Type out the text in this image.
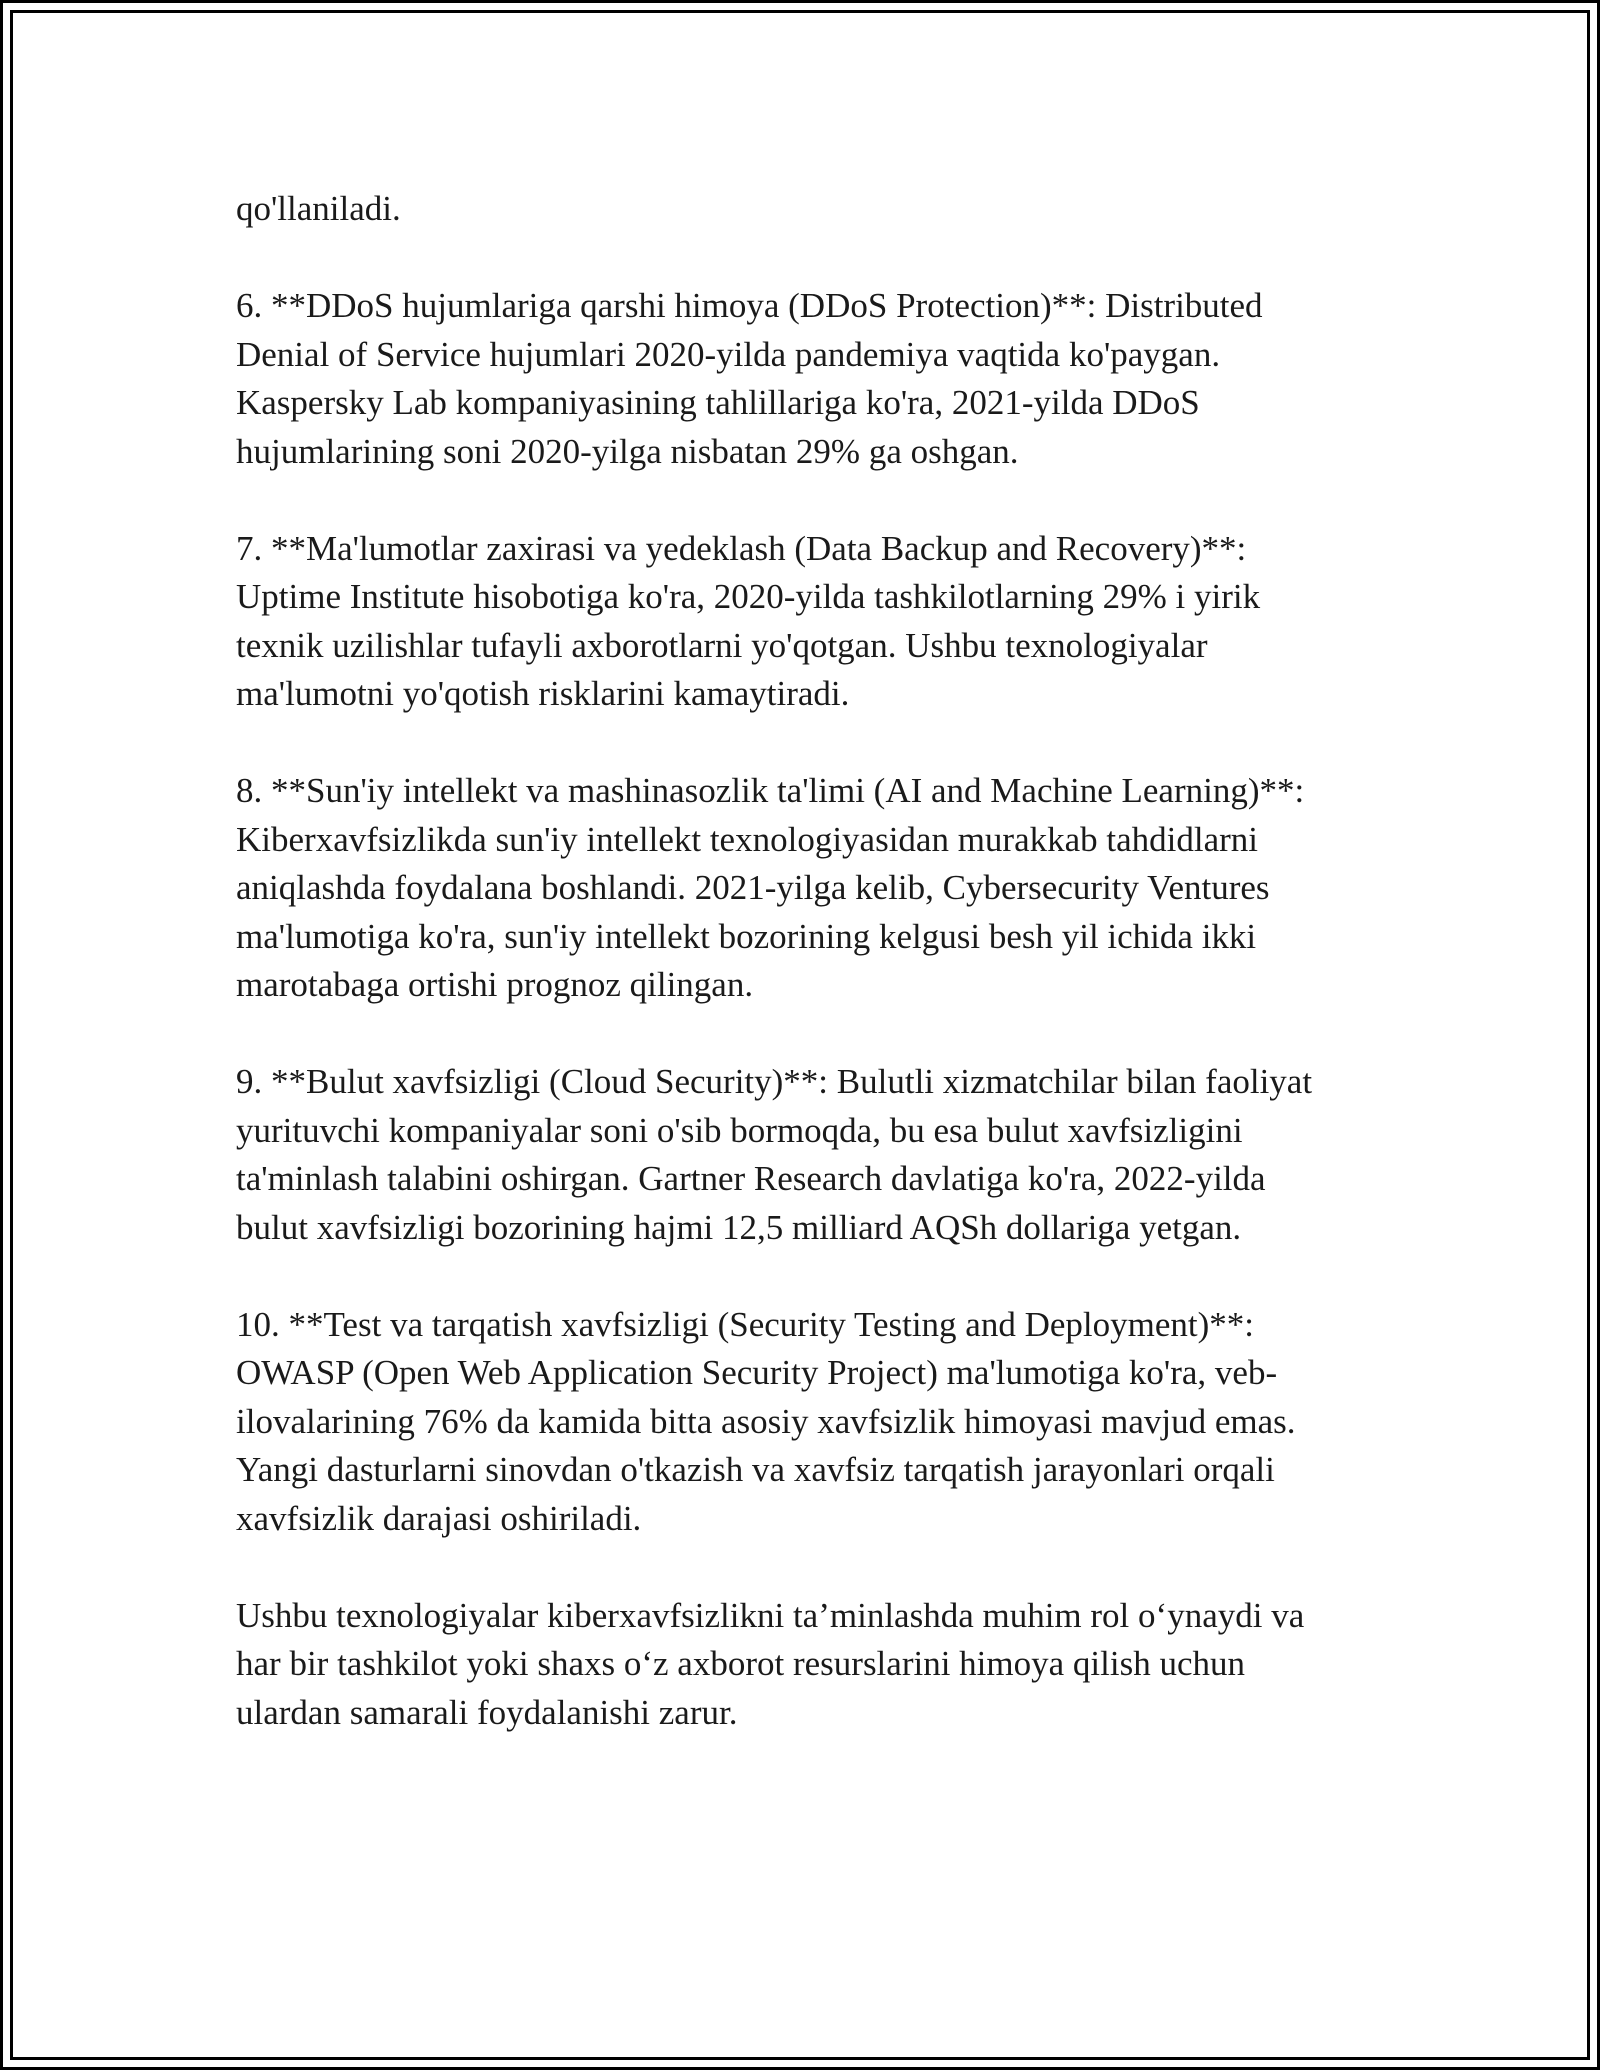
qo'llaniladi.

6. **DDoS hujumlariga qarshi himoya (DDoS Protection)**: Distributed
Denial of Service hujumlari 2020-yilda pandemiya vaqtida ko'paygan.
Kaspersky Lab kompaniyasining tahlillariga ko'ra, 2021-yilda DDoS
hujumlarining soni 2020-yilga nisbatan 29% ga oshgan.

7. **Ma'lumotlar zaxirasi va yedeklash (Data Backup and Recovery)**:
Uptime Institute hisobotiga ko'ra, 2020-yilda tashkilotlarning 29% i yirik
texnik uzilishlar tufayli axborotlarni yo'qotgan. Ushbu texnologiyalar
ma'lumotni yo'qotish risklarini kamaytiradi.

8. **Sun'iy intellekt va mashinasozlik ta'limi (AI and Machine Learning)**:
Kiberxavfsizlikda sun'iy intellekt texnologiyasidan murakkab tahdidlarni
aniqlashda foydalana boshlandi. 2021-yilga kelib, Cybersecurity Ventures
ma'lumotiga ko'ra, sun'iy intellekt bozorining kelgusi besh yil ichida ikki
marotabaga ortishi prognoz qilingan.

9. **Bulut xavfsizligi (Cloud Security)**: Bulutli xizmatchilar bilan faoliyat
yurituvchi kompaniyalar soni o'sib bormoqda, bu esa bulut xavfsizligini
ta'minlash talabini oshirgan. Gartner Research davlatiga ko'ra, 2022-yilda
bulut xavfsizligi bozorining hajmi 12,5 milliard AQSh dollariga yetgan.

10. **Test va tarqatish xavfsizligi (Security Testing and Deployment)**:
OWASP (Open Web Application Security Project) ma'lumotiga ko'ra, veb-
ilovalarining 76% da kamida bitta asosiy xavfsizlik himoyasi mavjud emas.
Yangi dasturlarni sinovdan o'tkazish va xavfsiz tarqatish jarayonlari orqali
xavfsizlik darajasi oshiriladi.

Ushbu texnologiyalar kiberxavfsizlikni ta’minlashda muhim rol o‘ynaydi va
har bir tashkilot yoki shaxs o‘z axborot resurslarini himoya qilish uchun
ulardan samarali foydalanishi zarur.
